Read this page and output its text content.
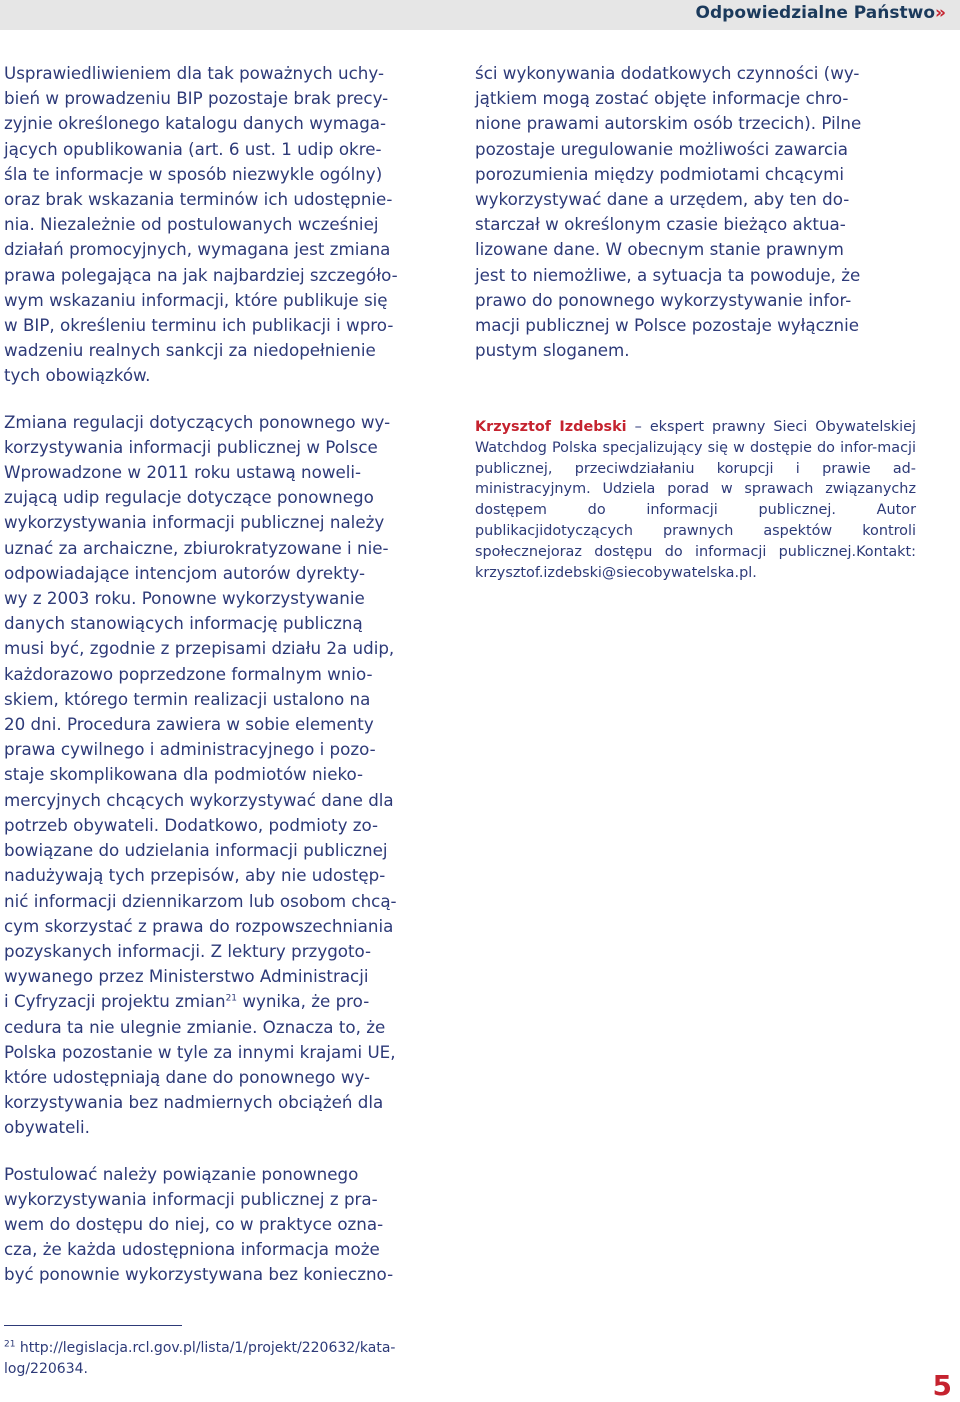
Odpowiedzialne Państwo»

Usprawiedliwieniem dla tak poważnych uchy-
bień w prowadzeniu BIP pozostaje brak precy-
zyjnie określonego katalogu danych wymaga-
jących opublikowania (art. 6 ust. 1 udip okre-
śla te informacje w sposób niezwykle ogólny)
oraz brak wskazania terminów ich udostępnie-
nia. Niezależnie od postulowanych wcześniej
działań promocyjnych, wymagana jest zmiana
prawa polegająca na jak najbardziej szczegóło-
wym wskazaniu informacji, które publikuje się
w BIP, określeniu terminu ich publikacji i wpro-
wadzeniu realnych sankcji za niedopełnienie
tych obowiązków.

Zmiana regulacji dotyczących ponownego wy-
korzystywania informacji publicznej w Polsce
Wprowadzone w 2011 roku ustawą noweli-
zującą udip regulacje dotyczące ponownego
wykorzystywania informacji publicznej należy
uznać za archaiczne, zbiurokratyzowane i nie-
odpowiadające intencjom autorów dyrekty-
wy z 2003 roku. Ponowne wykorzystywanie
danych stanowiących informację publiczną
musi być, zgodnie z przepisami działu 2a udip,
każdorazowo poprzedzone formalnym wnio-
skiem, którego termin realizacji ustalono na
20 dni. Procedura zawiera w sobie elementy
prawa cywilnego i administracyjnego i pozo-
staje skomplikowana dla podmiotów nieko-
mercyjnych chcących wykorzystywać dane dla
potrzeb obywateli. Dodatkowo, podmioty zo-
bowiązane do udzielania informacji publicznej
nadużywają tych przepisów, aby nie udostęp-
nić informacji dziennikarzom lub osobom chcą-
cym skorzystać z prawa do rozpowszechniania
pozyskanych informacji. Z lektury przygoto-
wywanego przez Ministerstwo Administracji
i Cyfryzacji projektu zmian$^{21}$ wynika, że pro-
cedura ta nie ulegnie zmianie. Oznacza to, że
Polska pozostanie w tyle za innymi krajami UE,
które udostępniają dane do ponownego wy-
korzystywania bez nadmiernych obciążeń dla
obywateli.

Postulować należy powiązanie ponownego
wykorzystywania informacji publicznej z pra-
wem do dostępu do niej, co w praktyce ozna-
cza, że każda udostępniona informacja może
być ponownie wykorzystywana bez konieczno-

ści wykonywania dodatkowych czynności (wy-
jątkiem mogą zostać objęte informacje chro-
nione prawami autorskim osób trzecich). Pilne
pozostaje uregulowanie możliwości zawarcia
porozumienia między podmiotami chcącymi
wykorzystywać dane a urzędem, aby ten do-
starczał w określonym czasie bieżąco aktua-
lizowane dane. W obecnym stanie prawnym
jest to niemożliwe, a sytuacja ta powoduje, że
prawo do ponownego wykorzystywanie infor-
macji publicznej w Polsce pozostaje wyłącznie
pustym sloganem.

Krzysztof Izdebski – ekspert prawny Sieci Obywatelskiej Watchdog Polska specjalizujący się w dostępie do infor-macji publicznej, przeciwdziałaniu korupcji i prawie ad-ministracyjnym. Udziela porad w sprawach związanychz dostępem do informacji publicznej. Autor publikacjidotyczących prawnych aspektów kontroli społecznejoraz dostępu do informacji publicznej.Kontakt: krzysztof.izdebski@siecobywatelska.pl.

$^{21}$ http://legislacja.rcl.gov.pl/lista/1/projekt/220632/kata- log/220634.	5
